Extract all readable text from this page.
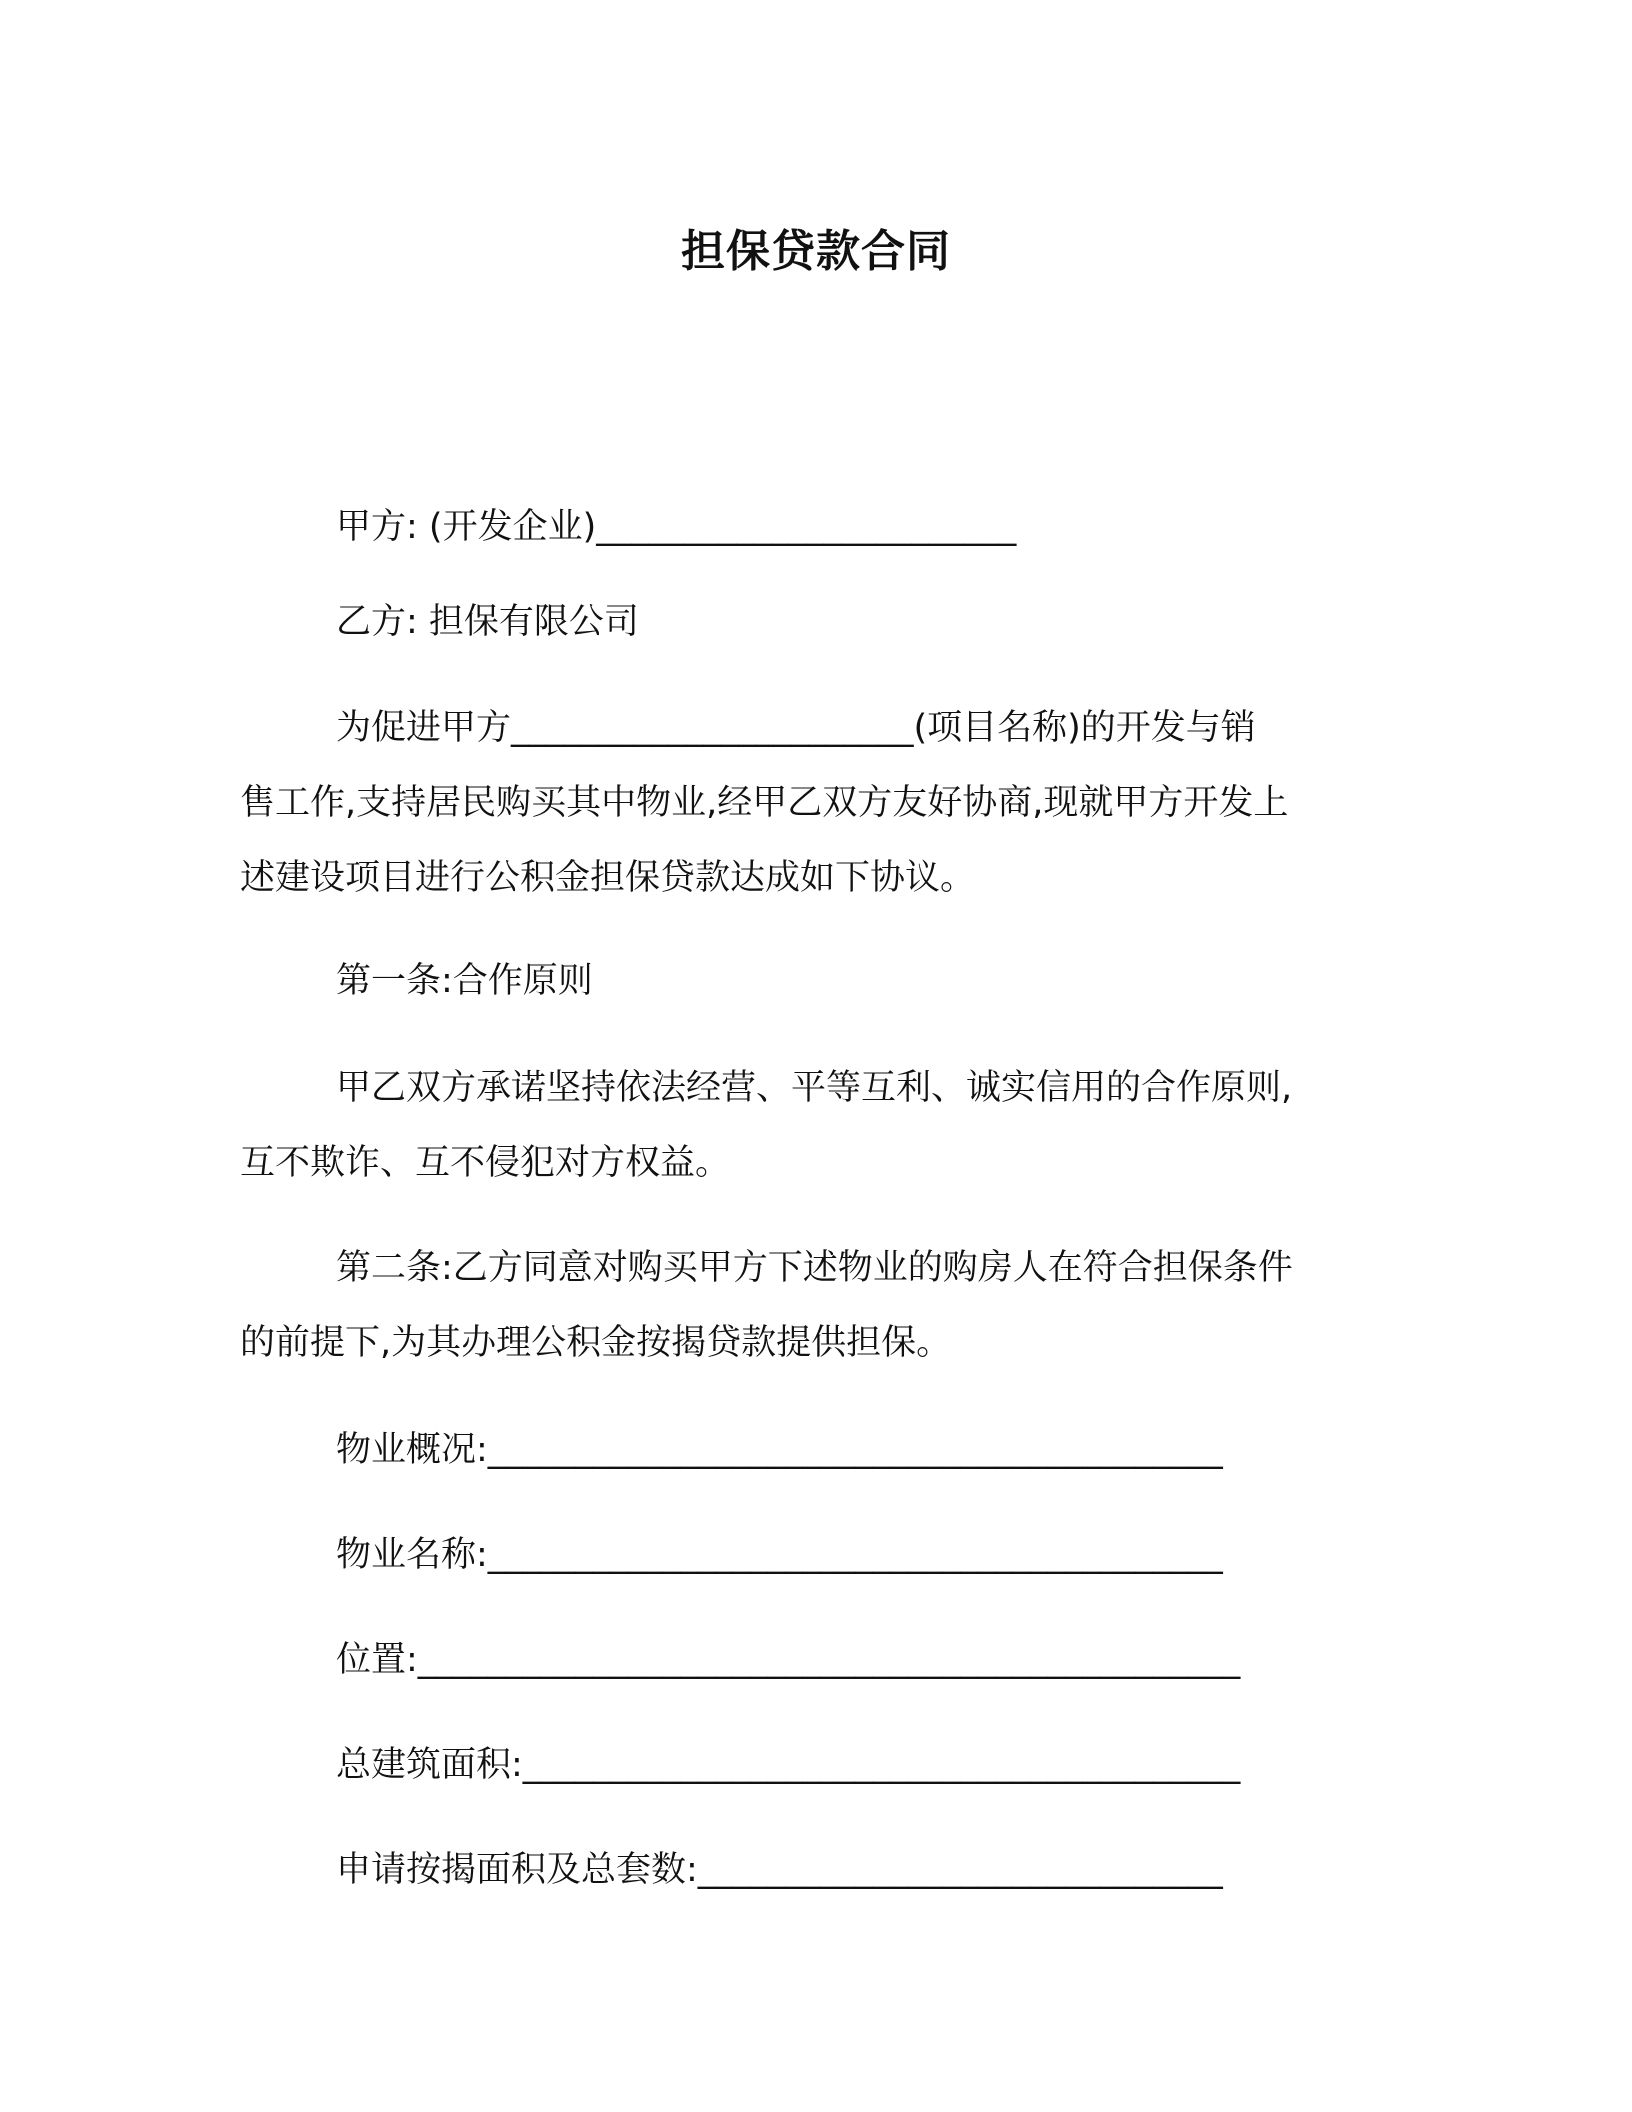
担保贷款合同
甲方: (开发企业)________________________
乙方: 担保有限公司
为促进甲方_______________________(项目名称)的开发与销
售工作,支持居民购买其中物业,经甲乙双方友好协商,现就甲方开发上
述建设项目进行公积金担保贷款达成如下协议。
第一条:合作原则
甲乙双方承诺坚持依法经营、平等互利、诚实信用的合作原则,
互不欺诈、互不侵犯对方权益。
第二条:乙方同意对购买甲方下述物业的购房人在符合担保条件
的前提下,为其办理公积金按揭贷款提供担保。
物业概况:__________________________________________
物业名称:__________________________________________
位置:_______________________________________________
总建筑面积:_________________________________________
申请按揭面积及总套数:______________________________
